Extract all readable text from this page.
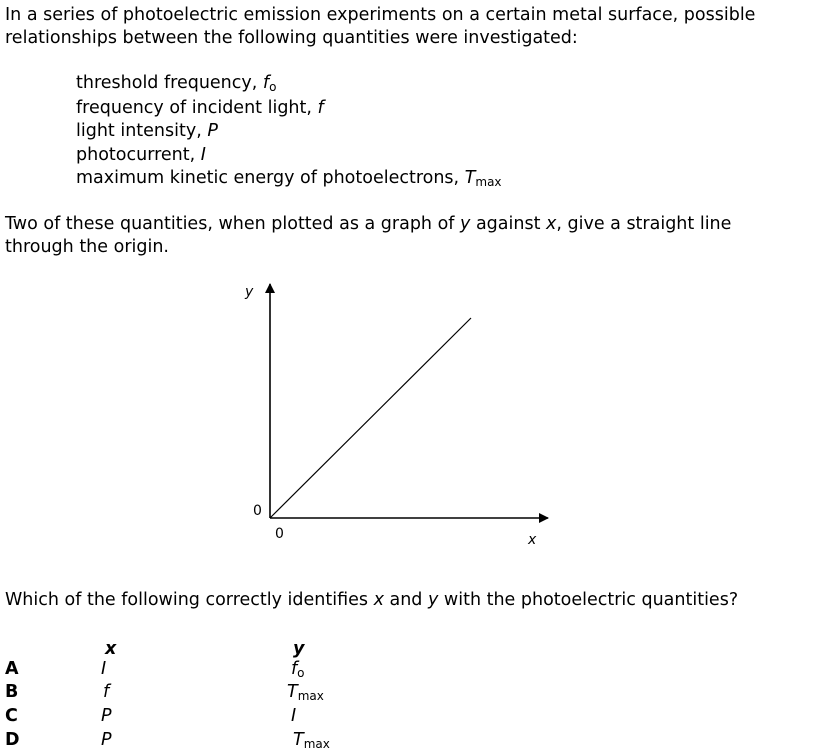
In a series of photoelectric emission experiments on a certain metal surface, possible
relationships between the following quantities were investigated:

threshold frequency, fo
frequency of incident light, f
light intensity, P
photocurrent, I
maximum kinetic energy of photoelectrons, Tmax

Two of these quantities, when plotted as a graph of y against x, give a straight line
through the origin.

y
x
0
0

Which of the following correctly identifies x and y with the photoelectric quantities?

x	y
A	I	fo
B	f	Tmax
C	P	I
D	P	Tmax
